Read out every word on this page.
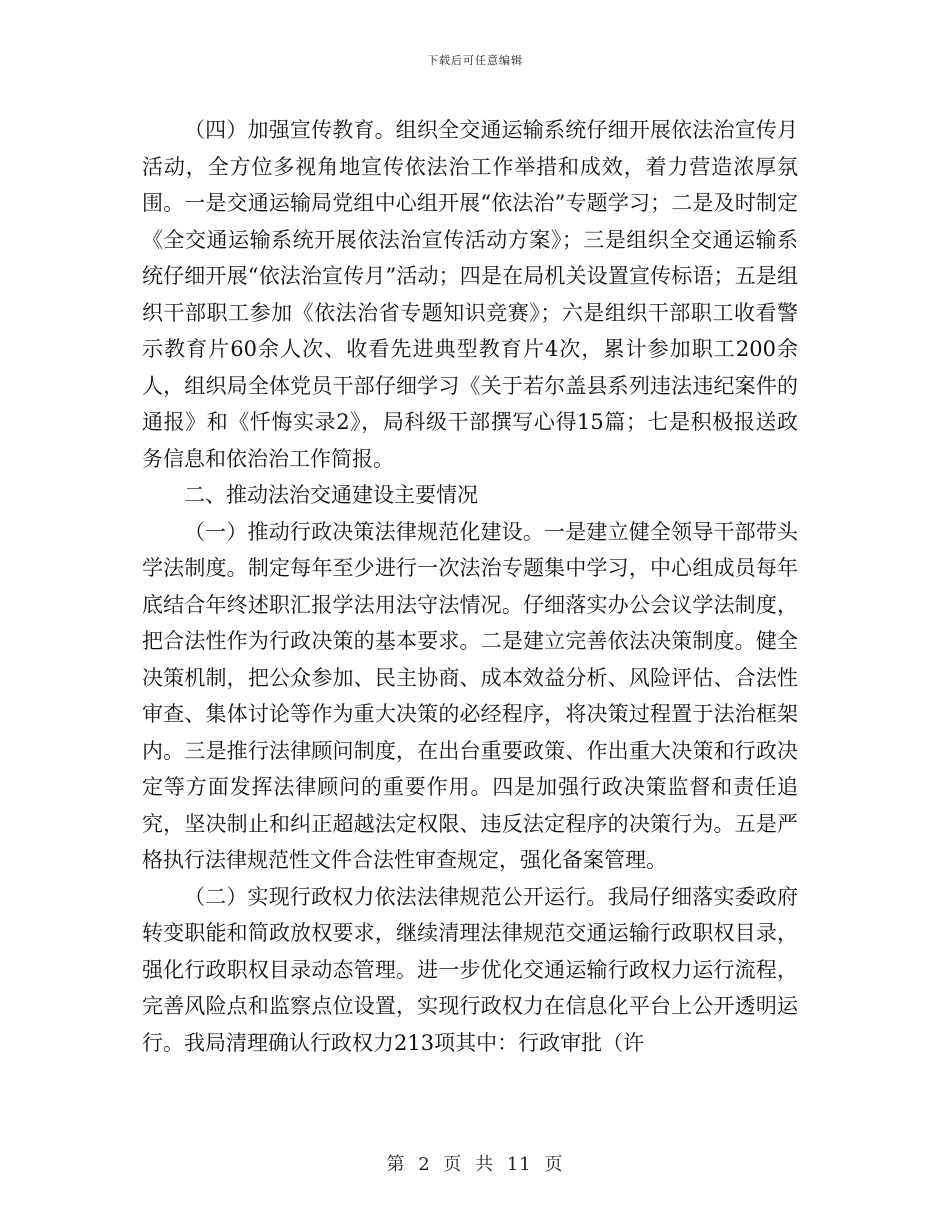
下载后可任意编辑

（四）加强宣传教育。组织全交通运输系统仔细开展依法治宣传月活动，全方位多视角地宣传依法治工作举措和成效，着力营造浓厚氛围。一是交通运输局党组中心组开展“依法治”专题学习；二是及时制定《全交通运输系统开展依法治宣传活动方案》；三是组织全交通运输系统仔细开展“依法治宣传月”活动；四是在局机关设置宣传标语；五是组织干部职工参加《依法治省专题知识竞赛》；六是组织干部职工收看警示教育片60余人次、收看先进典型教育片4次，累计参加职工200余人，组织局全体党员干部仔细学习《关于若尔盖县系列违法违纪案件的通报》和《忏悔实录2》，局科级干部撰写心得15篇；七是积极报送政务信息和依治治工作简报。

二、推动法治交通建设主要情况

（一）推动行政决策法律规范化建设。一是建立健全领导干部带头学法制度。制定每年至少进行一次法治专题集中学习，中心组成员每年底结合年终述职汇报学法用法守法情况。仔细落实办公会议学法制度，把合法性作为行政决策的基本要求。二是建立完善依法决策制度。健全决策机制，把公众参加、民主协商、成本效益分析、风险评估、合法性审查、集体讨论等作为重大决策的必经程序，将决策过程置于法治框架内。三是推行法律顾问制度，在出台重要政策、作出重大决策和行政决定等方面发挥法律顾问的重要作用。四是加强行政决策监督和责任追究，坚决制止和纠正超越法定权限、违反法定程序的决策行为。五是严格执行法律规范性文件合法性审查规定，强化备案管理。

（二）实现行政权力依法法律规范公开运行。我局仔细落实委政府转变职能和简政放权要求，继续清理法律规范交通运输行政职权目录，强化行政职权目录动态管理。进一步优化交通运输行政权力运行流程，完善风险点和监察点位设置，实现行政权力在信息化平台上公开透明运行。我局清理确认行政权力213项其中：行政审批（许

第 2 页 共 11 页
